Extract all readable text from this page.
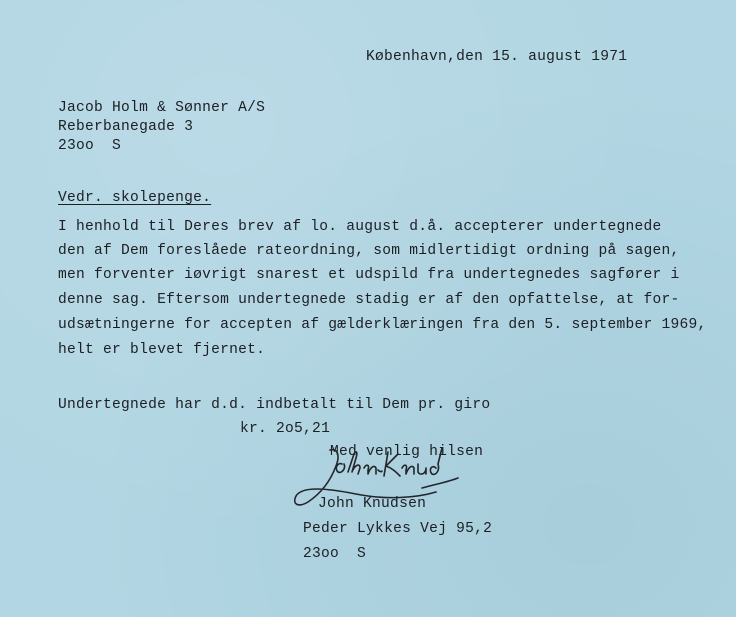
København,den 15. august 1971
Jacob Holm & Sønner A/S
Reberbanegade 3
23oo  S
Vedr. skolepenge.
I henhold til Deres brev af lo. august d.å. accepterer undertegnede
den af Dem foreslåede rateordning, som midlertidigt ordning på sagen,
men forventer iøvrigt snarest et udspild fra undertegnedes sagfører i
denne sag. Eftersom undertegnede stadig er af den opfattelse, at for-
udsætningerne for accepten af gælderklæringen fra den 5. september 1969,
helt er blevet fjernet.
Undertegnede har d.d. indbetalt til Dem pr. giro
kr. 2o5,21
Med venlig hilsen
John Knudsen
Peder Lykkes Vej 95,2
23oo  S
